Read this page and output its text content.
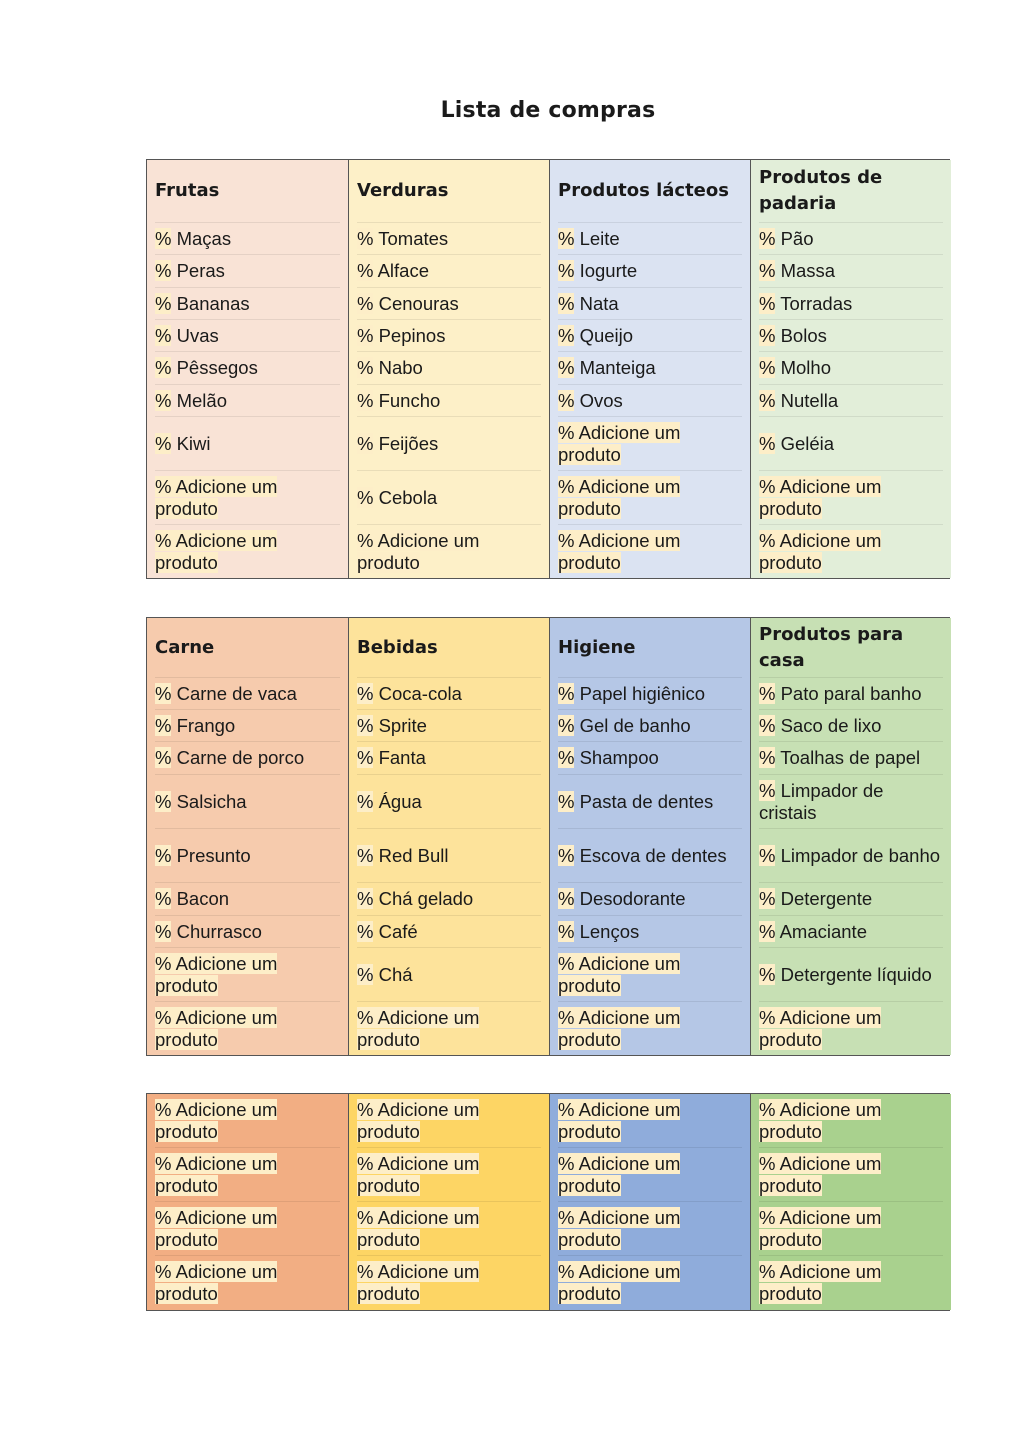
Lista de compras
Frutas
% Maças
% Peras
% Bananas
% Uvas
% Pêssegos
% Melão
% Kiwi
% Adicione um produto
% Adicione um produto
Verduras
% Tomates
% Alface
% Cenouras
% Pepinos
% Nabo
% Funcho
% Feijões
% Cebola
% Adicione um produto
Produtos lácteos
% Leite
% Iogurte
% Nata
% Queijo
% Manteiga
% Ovos
% Adicione um produto
% Adicione um produto
% Adicione um produto
Produtos de padaria
% Pão
% Massa
% Torradas
% Bolos
% Molho
% Nutella
% Geléia
% Adicione um produto
% Adicione um produto
Carne
% Carne de vaca
% Frango
% Carne de porco
% Salsicha
% Presunto
% Bacon
% Churrasco
% Adicione um produto
% Adicione um produto
Bebidas
% Coca-cola
% Sprite
% Fanta
% Água
% Red Bull
% Chá gelado
% Café
% Chá
% Adicione um produto
Higiene
% Papel higiênico
% Gel de banho
% Shampoo
% Pasta de dentes
% Escova de dentes
% Desodorante
% Lenços
% Adicione um produto
% Adicione um produto
Produtos para casa
% Pato paral banho
% Saco de lixo
% Toalhas de papel
% Limpador de cristais
% Limpador de banho
% Detergente
% Amaciante
% Detergente líquido
% Adicione um produto
% Adicione um produto
% Adicione um produto
% Adicione um produto
% Adicione um produto
% Adicione um produto
% Adicione um produto
% Adicione um produto
% Adicione um produto
% Adicione um produto
% Adicione um produto
% Adicione um produto
% Adicione um produto
% Adicione um produto
% Adicione um produto
% Adicione um produto
% Adicione um produto
